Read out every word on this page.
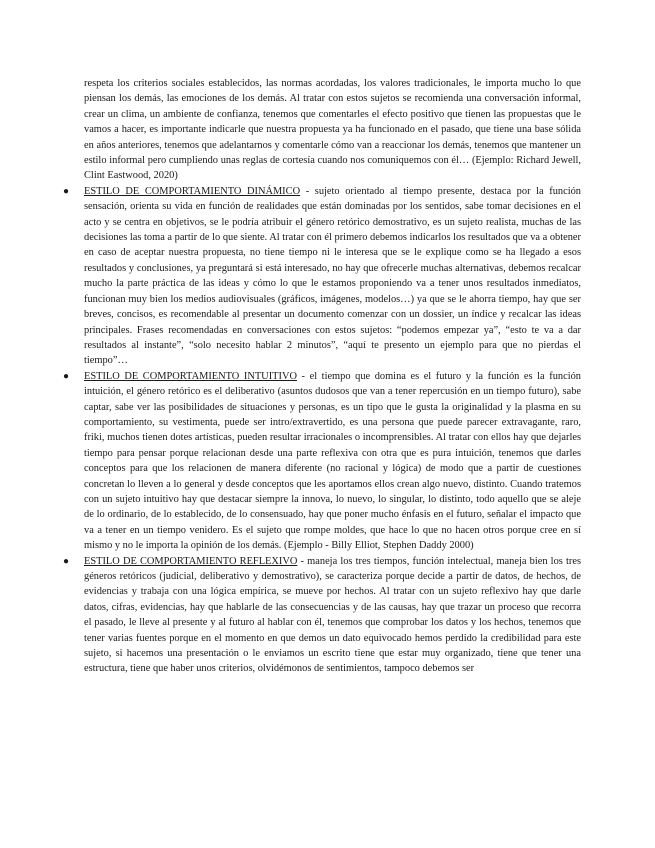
respeta los criterios sociales establecidos, las normas acordadas, los valores tradicionales, le importa mucho lo que piensan los demás, las emociones de los demás. Al tratar con estos sujetos se recomienda una conversación informal, crear un clima, un ambiente de confianza, tenemos que comentarles el efecto positivo que tienen las propuestas que le vamos a hacer, es importante indicarle que nuestra propuesta ya ha funcionado en el pasado, que tiene una base sólida en años anteriores, tenemos que adelantarnos y comentarle cómo van a reaccionar los demás, tenemos que mantener un estilo informal pero cumpliendo unas reglas de cortesía cuando nos comuniquemos con él… (Ejemplo: Richard Jewell, Clint Eastwood, 2020)

● ESTILO DE COMPORTAMIENTO DINÁMICO - sujeto orientado al tiempo presente, destaca por la función sensación, orienta su vida en función de realidades que están dominadas por los sentidos, sabe tomar decisiones en el acto y se centra en objetivos, se le podría atribuir el género retórico demostrativo, es un sujeto realista, muchas de las decisiones las toma a partir de lo que siente. Al tratar con él primero debemos indicarlos los resultados que va a obtener en caso de aceptar nuestra propuesta, no tiene tiempo ni le interesa que se le explique como se ha llegado a esos resultados y conclusiones, ya preguntará si está interesado, no hay que ofrecerle muchas alternativas, debemos recalcar mucho la parte práctica de las ideas y cómo lo que le estamos proponiendo va a tener unos resultados inmediatos, funcionan muy bien los medios audiovisuales (gráficos, imágenes, modelos…) ya que se le ahorra tiempo, hay que ser breves, concisos, es recomendable al presentar un documento comenzar con un dossier, un índice y recalcar las ideas principales. Frases recomendadas en conversaciones con estos sujetos: “podemos empezar ya”, “esto te va a dar resultados al instante”, “solo necesito hablar 2 minutos”, “aquí te presento un ejemplo para que no pierdas el tiempo”…
● ESTILO DE COMPORTAMIENTO INTUITIVO - el tiempo que domina es el futuro y la función es la función intuición, el género retórico es el deliberativo (asuntos dudosos que van a tener repercusión en un tiempo futuro), sabe captar, sabe ver las posibilidades de situaciones y personas, es un tipo que le gusta la originalidad y la plasma en su comportamiento, su vestimenta, puede ser intro/extravertido, es una persona que puede parecer extravagante, raro, friki, muchos tienen dotes artísticas, pueden resultar irracionales o incomprensibles. Al tratar con ellos hay que dejarles tiempo para pensar porque relacionan desde una parte reflexiva con otra que es pura intuición, tenemos que darles conceptos para que los relacionen de manera diferente (no racional y lógica) de modo que a partir de cuestiones concretan lo lleven a lo general y desde conceptos que les aportamos ellos crean algo nuevo, distinto. Cuando tratemos con un sujeto intuitivo hay que destacar siempre la innova, lo nuevo, lo singular, lo distinto, todo aquello que se aleje de lo ordinario, de lo establecido, de lo consensuado, hay que poner mucho énfasis en el futuro, señalar el impacto que va a tener en un tiempo venidero. Es el sujeto que rompe moldes, que hace lo que no hacen otros porque cree en sí mismo y no le importa la opinión de los demás. (Ejemplo - Billy Elliot, Stephen Daddy 2000)
● ESTILO DE COMPORTAMIENTO REFLEXIVO - maneja los tres tiempos, función intelectual, maneja bien los tres géneros retóricos (judicial, deliberativo y demostrativo), se caracteriza porque decide a partir de datos, de hechos, de evidencias y trabaja con una lógica empírica, se mueve por hechos. Al tratar con un sujeto reflexivo hay que darle datos, cifras, evidencias, hay que hablarle de las consecuencias y de las causas, hay que trazar un proceso que recorra el pasado, le lleve al presente y al futuro al hablar con él, tenemos que comprobar los datos y los hechos, tenemos que tener varias fuentes porque en el momento en que demos un dato equivocado hemos perdido la credibilidad para este sujeto, si hacemos una presentación o le enviamos un escrito tiene que estar muy organizado, tiene que tener una estructura, tiene que haber unos criterios, olvidémonos de sentimientos, tampoco debemos ser
